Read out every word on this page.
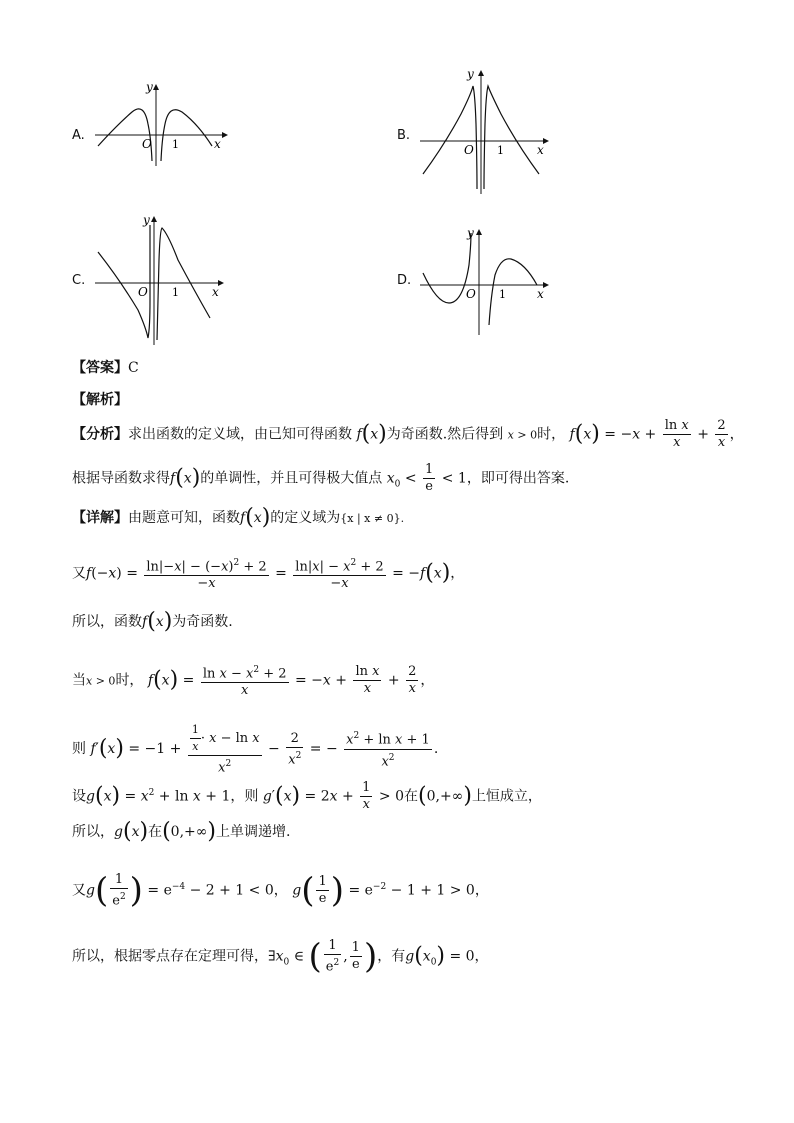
A.
y
x
O 1
B.
y
x
O 1
C.
y
x
O 1
D.
y
x
O 1
【答案】C
【解析】
【分析】求出函数的定义域，由已知可得函数 f(x)为奇函数.然后得到 x > 0时， $f(x) = -x + \frac{\text{ln x}}{x} + \frac{2}{x}$ ，
根据导函数求得f(x)的单调性，并且可得极大值点 $x_0 < \frac{1}{e} < 1$，即可得出答案.
【详解】由题意可知，函数f(x)的定义域为{x | x ≠ 0}.
又$f(-x) = \frac{\ln|-x| - (-x)^2 + 2}{-x} = \frac{\ln|x| - x^2 + 2}{-x} = -f(x)$，
所以，函数f(x)为奇函数.
当x > 0时， $f(x) = \frac{\ln x - x^2 + 2}{x} = -x + \frac{\text{ln x}}{x} + \frac{2}{x}$ ，
则 $f'(x) = -1 + \frac{\frac{1}{x} \cdot x - \ln x}{x^2} - \frac{2}{x^2}$ = − $\frac{x^2 + \ln x + 1}{x^2}$ .
设$g(x) = x^2 + \ln x + 1$，则 $g'(x) = 2x + \frac{1}{x} > 0$在(0,+∞)上恒成立，
所以，g(x)在(0,+∞)上单调递增.
又$g( \frac{1}{e^2}$ ) = $e^{-4} - 2 + 1 < 0$， $g( \frac{1}{e}$ ) = $e^{-2} - 1 + 1 > 0$，
所以，根据零点存在定理可得，$\exists x_0$ ∈ ( $\frac{1}{e^2}$ , $\frac{1}{e}$ )，有$g(x_0) = 0$，
